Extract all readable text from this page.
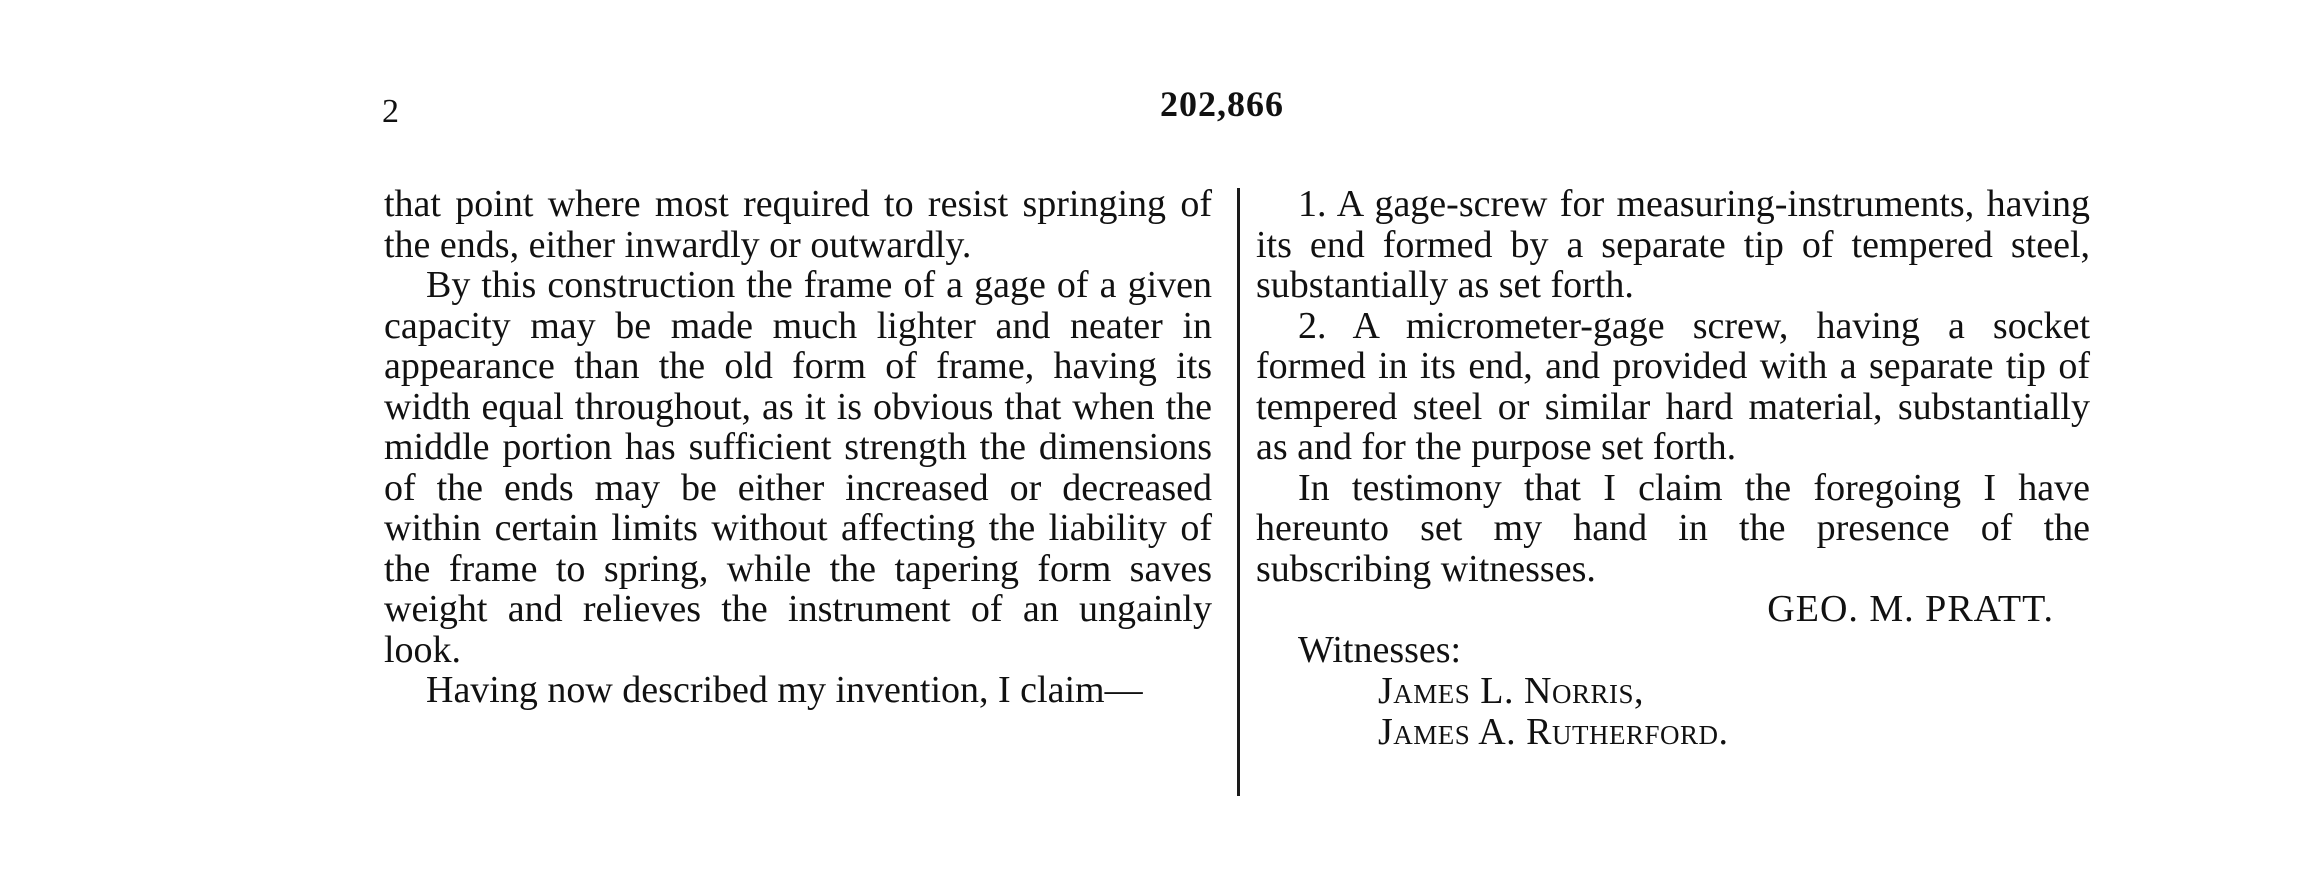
2	202,866

that point where most required to resist springing of the ends, either inwardly or outwardly.

By this construction the frame of a gage of a given capacity may be made much lighter and neater in appearance than the old form of frame, having its width equal throughout, as it is obvious that when the middle portion has sufficient strength the dimensions of the ends may be either increased or decreased within certain limits without affecting the liability of the frame to spring, while the tapering form saves weight and relieves the instrument of an ungainly look.

Having now described my invention, I claim—

1. A gage-screw for measuring-instruments, having its end formed by a separate tip of tempered steel, substantially as set forth.

2. A micrometer-gage screw, having a socket formed in its end, and provided with a separate tip of tempered steel or similar hard material, substantially as and for the purpose set forth.

In testimony that I claim the foregoing I have hereunto set my hand in the presence of the subscribing witnesses.

GEO. M. PRATT.
Witnesses:
James L. Norris,
James A. Rutherford.
